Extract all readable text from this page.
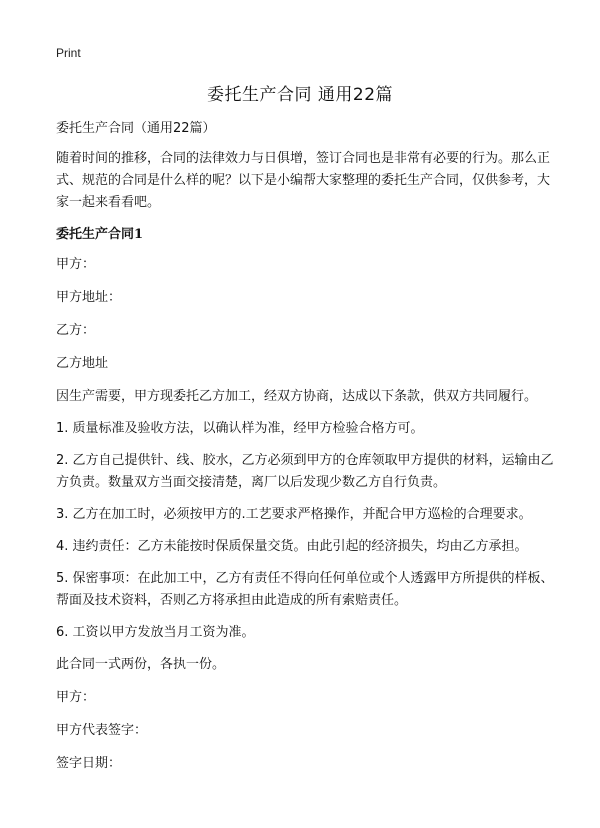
Print
委托生产合同 通用22篇

委托生产合同（通用22篇）

随着时间的推移，合同的法律效力与日俱增，签订合同也是非常有必要的行为。那么正式、规范的合同是什么样的呢？以下是小编帮大家整理的委托生产合同，仅供参考，大家一起来看看吧。

委托生产合同1

甲方：

甲方地址：

乙方：

乙方地址

因生产需要，甲方现委托乙方加工，经双方协商，达成以下条款，供双方共同履行。

1. 质量标准及验收方法，以确认样为准，经甲方检验合格方可。

2. 乙方自己提供针、线、胶水，乙方必须到甲方的仓库领取甲方提供的材料，运输由乙方负责。数量双方当面交接清楚，离厂以后发现少数乙方自行负责。

3. 乙方在加工时，必须按甲方的.工艺要求严格操作，并配合甲方巡检的合理要求。

4. 违约责任：乙方未能按时保质保量交货。由此引起的经济损失，均由乙方承担。

5. 保密事项：在此加工中，乙方有责任不得向任何单位或个人透露甲方所提供的样板、帮面及技术资料，否则乙方将承担由此造成的所有索赔责任。

6. 工资以甲方发放当月工资为准。

此合同一式两份，各执一份。

甲方：

甲方代表签字：

签字日期：
